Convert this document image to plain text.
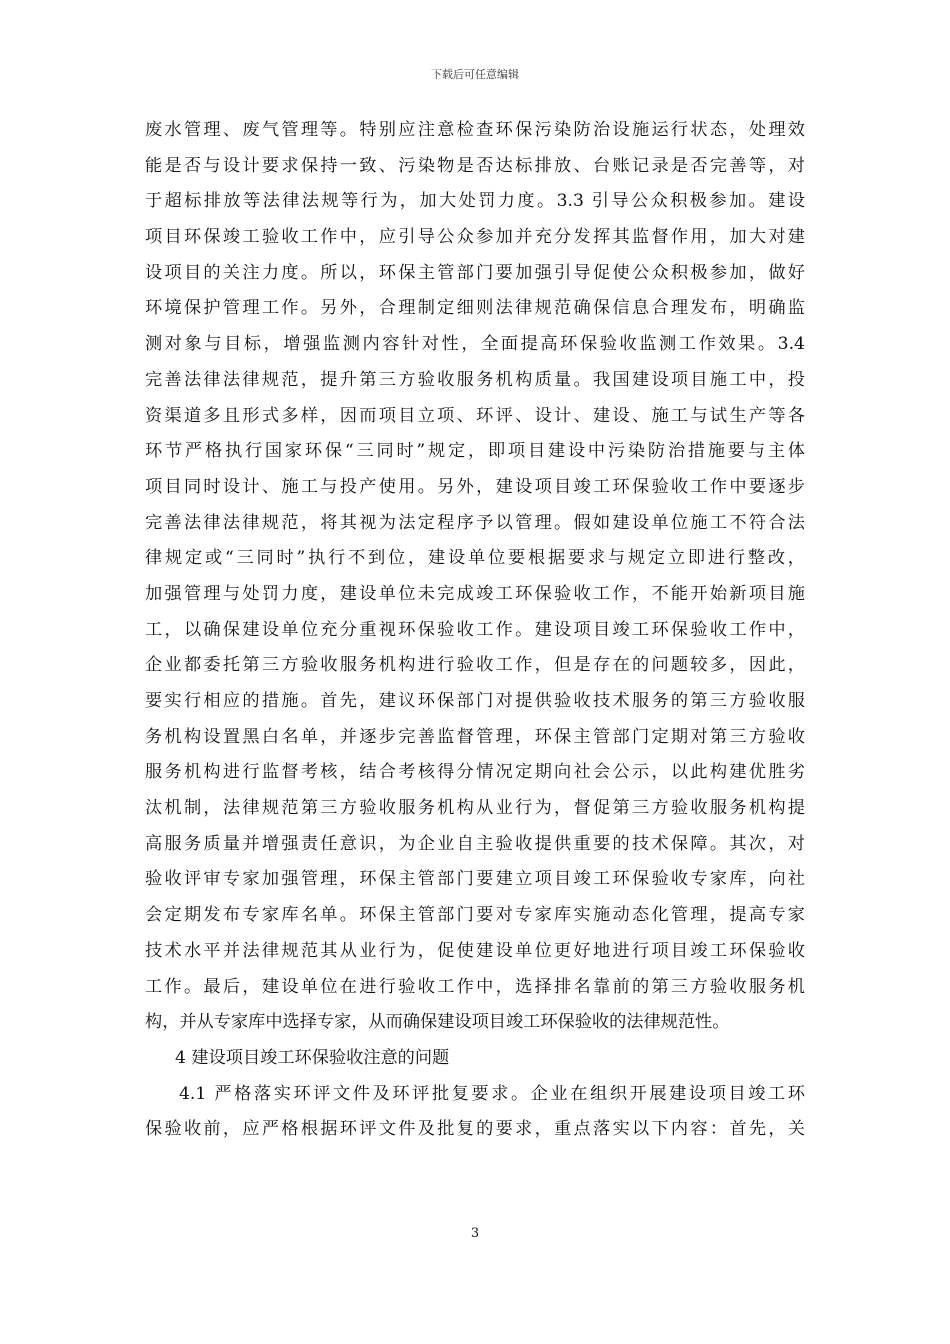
下载后可任意编辑
废水管理、废气管理等。特别应注意检查环保污染防治设施运行状态，处理效
能是否与设计要求保持一致、污染物是否达标排放、台账记录是否完善等，对
于超标排放等法律法规等行为，加大处罚力度。3.3 引导公众积极参加。建设
项目环保竣工验收工作中，应引导公众参加并充分发挥其监督作用，加大对建
设项目的关注力度。所以，环保主管部门要加强引导促使公众积极参加，做好
环境保护管理工作。另外，合理制定细则法律规范确保信息合理发布，明确监
测对象与目标，增强监测内容针对性，全面提高环保验收监测工作效果。3.4
完善法律法律规范，提升第三方验收服务机构质量。我国建设项目施工中，投
资渠道多且形式多样，因而项目立项、环评、设计、建设、施工与试生产等各
环节严格执行国家环保“三同时”规定，即项目建设中污染防治措施要与主体
项目同时设计、施工与投产使用。另外，建设项目竣工环保验收工作中要逐步
完善法律法律规范，将其视为法定程序予以管理。假如建设单位施工不符合法
律规定或“三同时”执行不到位，建设单位要根据要求与规定立即进行整改，
加强管理与处罚力度，建设单位未完成竣工环保验收工作，不能开始新项目施
工，以确保建设单位充分重视环保验收工作。建设项目竣工环保验收工作中，
企业都委托第三方验收服务机构进行验收工作，但是存在的问题较多，因此，
要实行相应的措施。首先，建议环保部门对提供验收技术服务的第三方验收服
务机构设置黑白名单，并逐步完善监督管理，环保主管部门定期对第三方验收
服务机构进行监督考核，结合考核得分情况定期向社会公示，以此构建优胜劣
汰机制，法律规范第三方验收服务机构从业行为，督促第三方验收服务机构提
高服务质量并增强责任意识，为企业自主验收提供重要的技术保障。其次，对
验收评审专家加强管理，环保主管部门要建立项目竣工环保验收专家库，向社
会定期发布专家库名单。环保主管部门要对专家库实施动态化管理，提高专家
技术水平并法律规范其从业行为，促使建设单位更好地进行项目竣工环保验收
工作。最后，建设单位在进行验收工作中，选择排名靠前的第三方验收服务机
构，并从专家库中选择专家，从而确保建设项目竣工环保验收的法律规范性。
4 建设项目竣工环保验收注意的问题
4.1 严格落实环评文件及环评批复要求。企业在组织开展建设项目竣工环
保验收前，应严格根据环评文件及批复的要求，重点落实以下内容：首先，关
3
